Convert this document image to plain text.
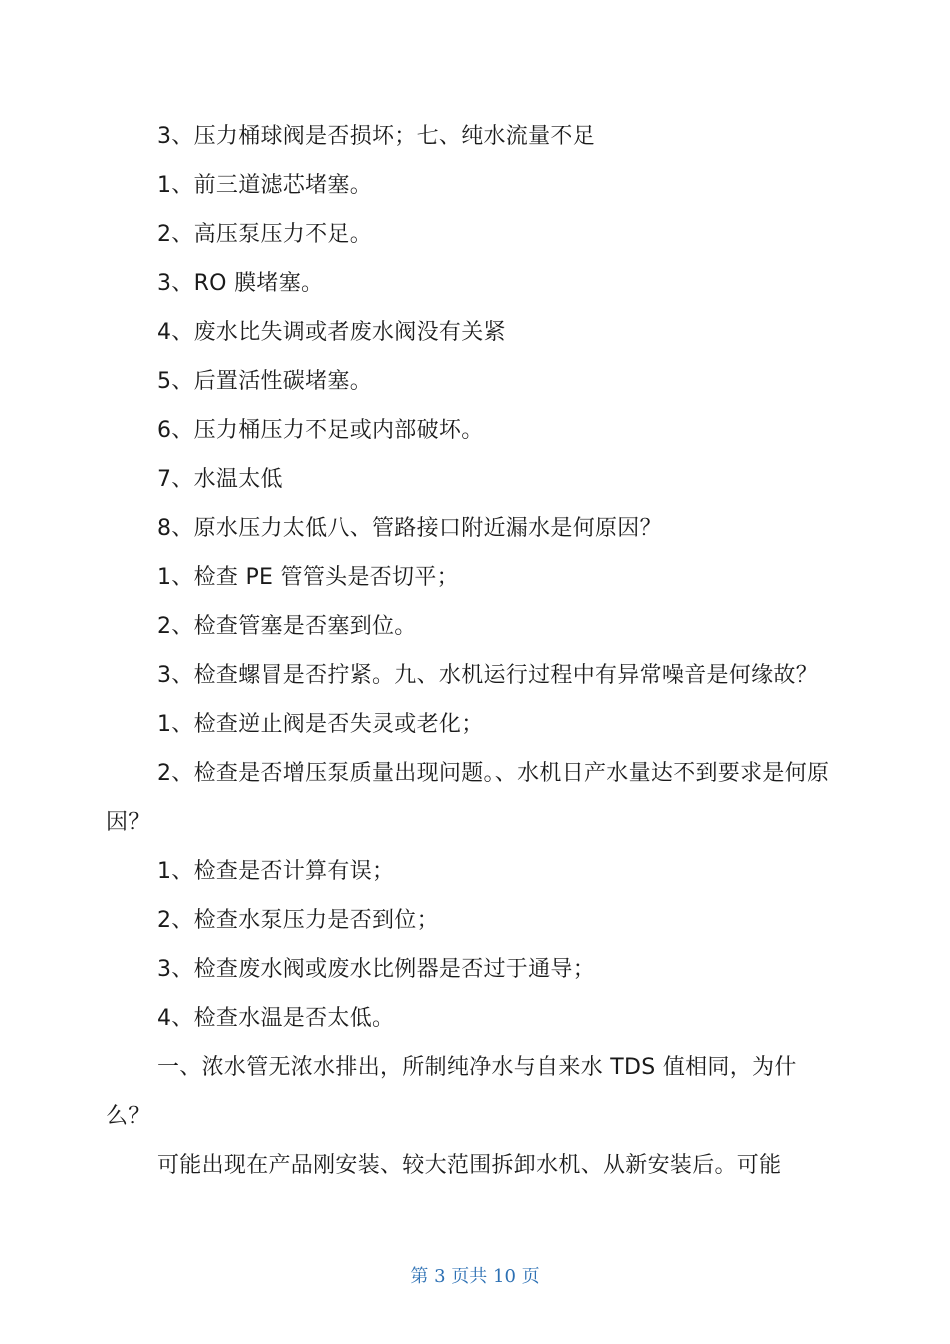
3、压力桶球阀是否损坏；七、纯水流量不足

1、前三道滤芯堵塞。

2、高压泵压力不足。

3、RO 膜堵塞。

4、废水比失调或者废水阀没有关紧

5、后置活性碳堵塞。

6、压力桶压力不足或内部破坏。

7、水温太低

8、原水压力太低八、管路接口附近漏水是何原因？

1、检查 PE 管管头是否切平；

2、检查管塞是否塞到位。

3、检查螺冒是否拧紧。九、水机运行过程中有异常噪音是何缘故？

1、检查逆止阀是否失灵或老化；

2、检查是否增压泵质量出现问题。、水机日产水量达不到要求是何原因？

1、检查是否计算有误；

2、检查水泵压力是否到位；

3、检查废水阀或废水比例器是否过于通导；

4、检查水温是否太低。

一、浓水管无浓水排出，所制纯净水与自来水 TDS 值相同，为什么？

可能出现在产品刚安装、较大范围拆卸水机、从新安装后。可能

第 3 页共 10 页
